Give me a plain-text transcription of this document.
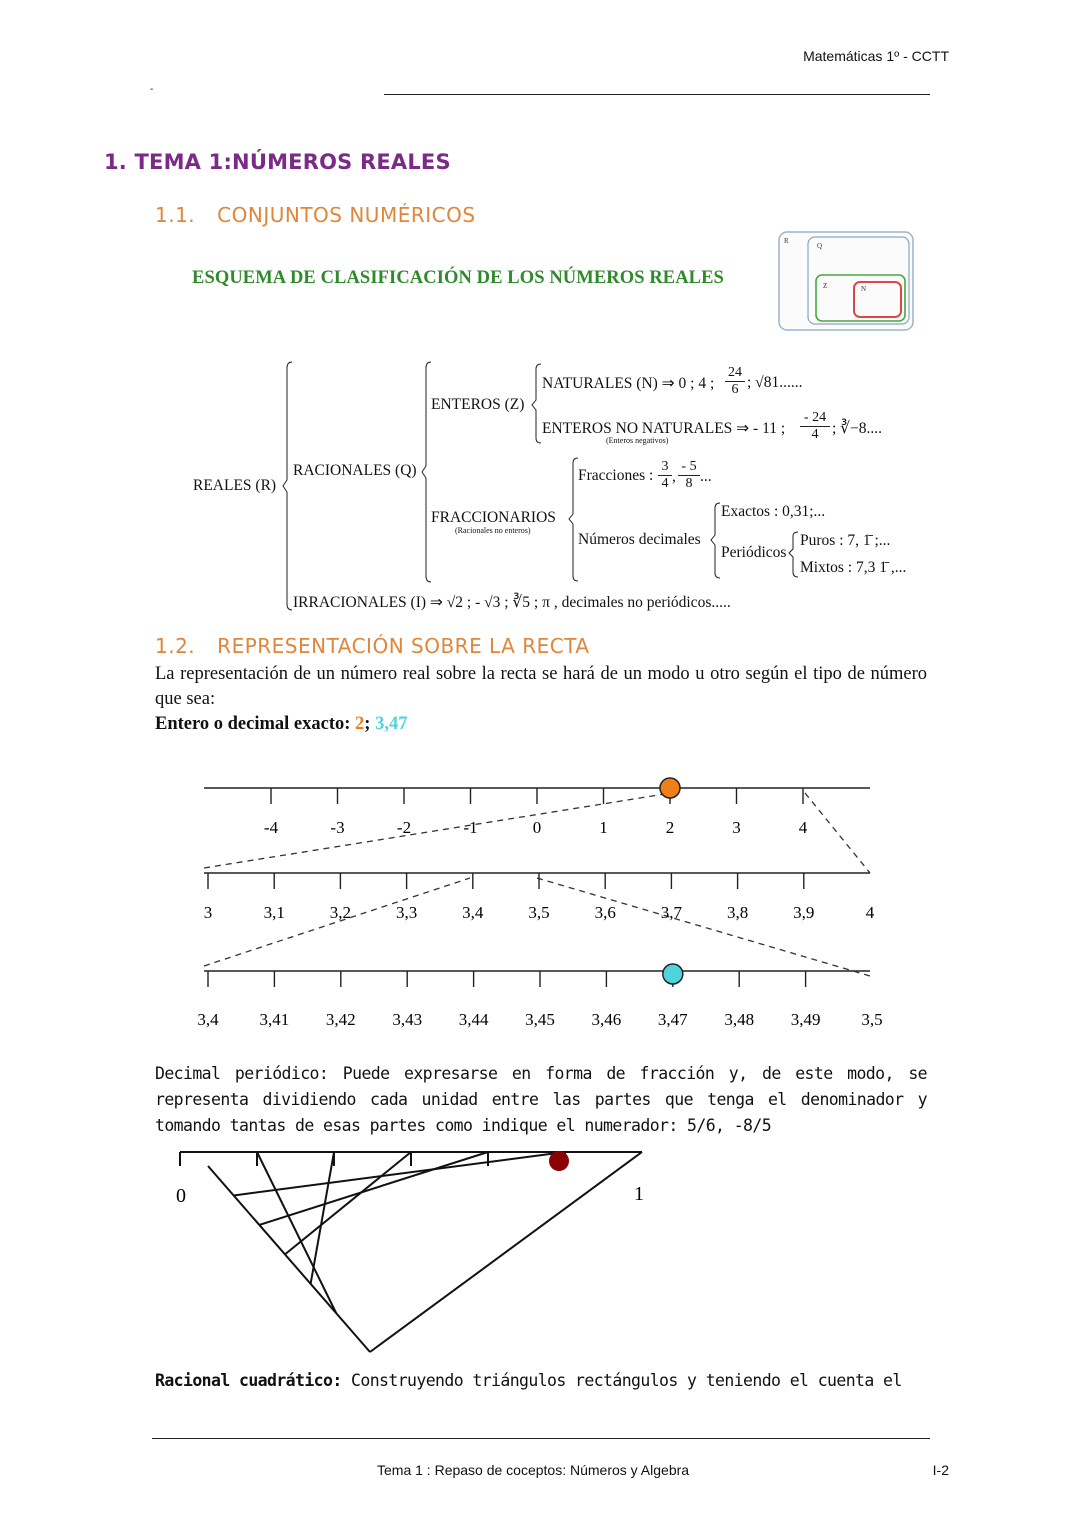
Matemáticas 1º - CCTT
-
1. TEMA 1:NÚMEROS REALES
1.1. CONJUNTOS NUMÉRICOS
ESQUEMA DE CLASIFICACIÓN DE LOS NÚMEROS REALES
R
Q
Z	N
REALES (R)
RACIONALES (Q)
ENTEROS (Z)
NATURALES (N) ⇒ 0 ; 4 ; $\frac{24}{6}$ ; √81......
ENTEROS NO NATURALES ⇒ - 11 ; $\frac{- 24}{4}$ ; ∛−8....
(Enteros negativos)
FRACCIONARIOS
(Racionales no enteros)
Fracciones : $\frac{3}{4}$ , $\frac{- 5}{8}$ ...
Números decimales
Exactos : 0,31;...
Periódicos
Puros : 7, 1̄ ;...
Mixtos : 7,3 1̄ ,...
IRRACIONALES (I) ⇒ √2 ; - √3 ; ∛5 ; π , decimales no periódicos.....
1.2. REPRESENTACIÓN SOBRE LA RECTA
La representación de un número real sobre la recta se hará de un modo u otro según el tipo de número que sea:
Entero o decimal exacto: 2; 3,47
-4	-3	-2	-1	0	1	2	3	4
3	3,1	3,2	3,3	3,4	3,5	3,6	3,7	3,8	3,9	4
3,4 3,41 3,42 3,43 3,44 3,45 3,46 3,47 3,48 3,49 3,5
Decimal periódico: Puede expresarse en forma de fracción y, de este modo, se representa dividiendo cada unidad entre las partes que tenga el denominador y tomando tantas de esas partes como indique el numerador: 5/6, -8/5
0	1
Racional cuadrático: Construyendo triángulos rectángulos y teniendo el cuenta el
Tema 1 : Repaso de coceptos: Números y Algebra	I-2
